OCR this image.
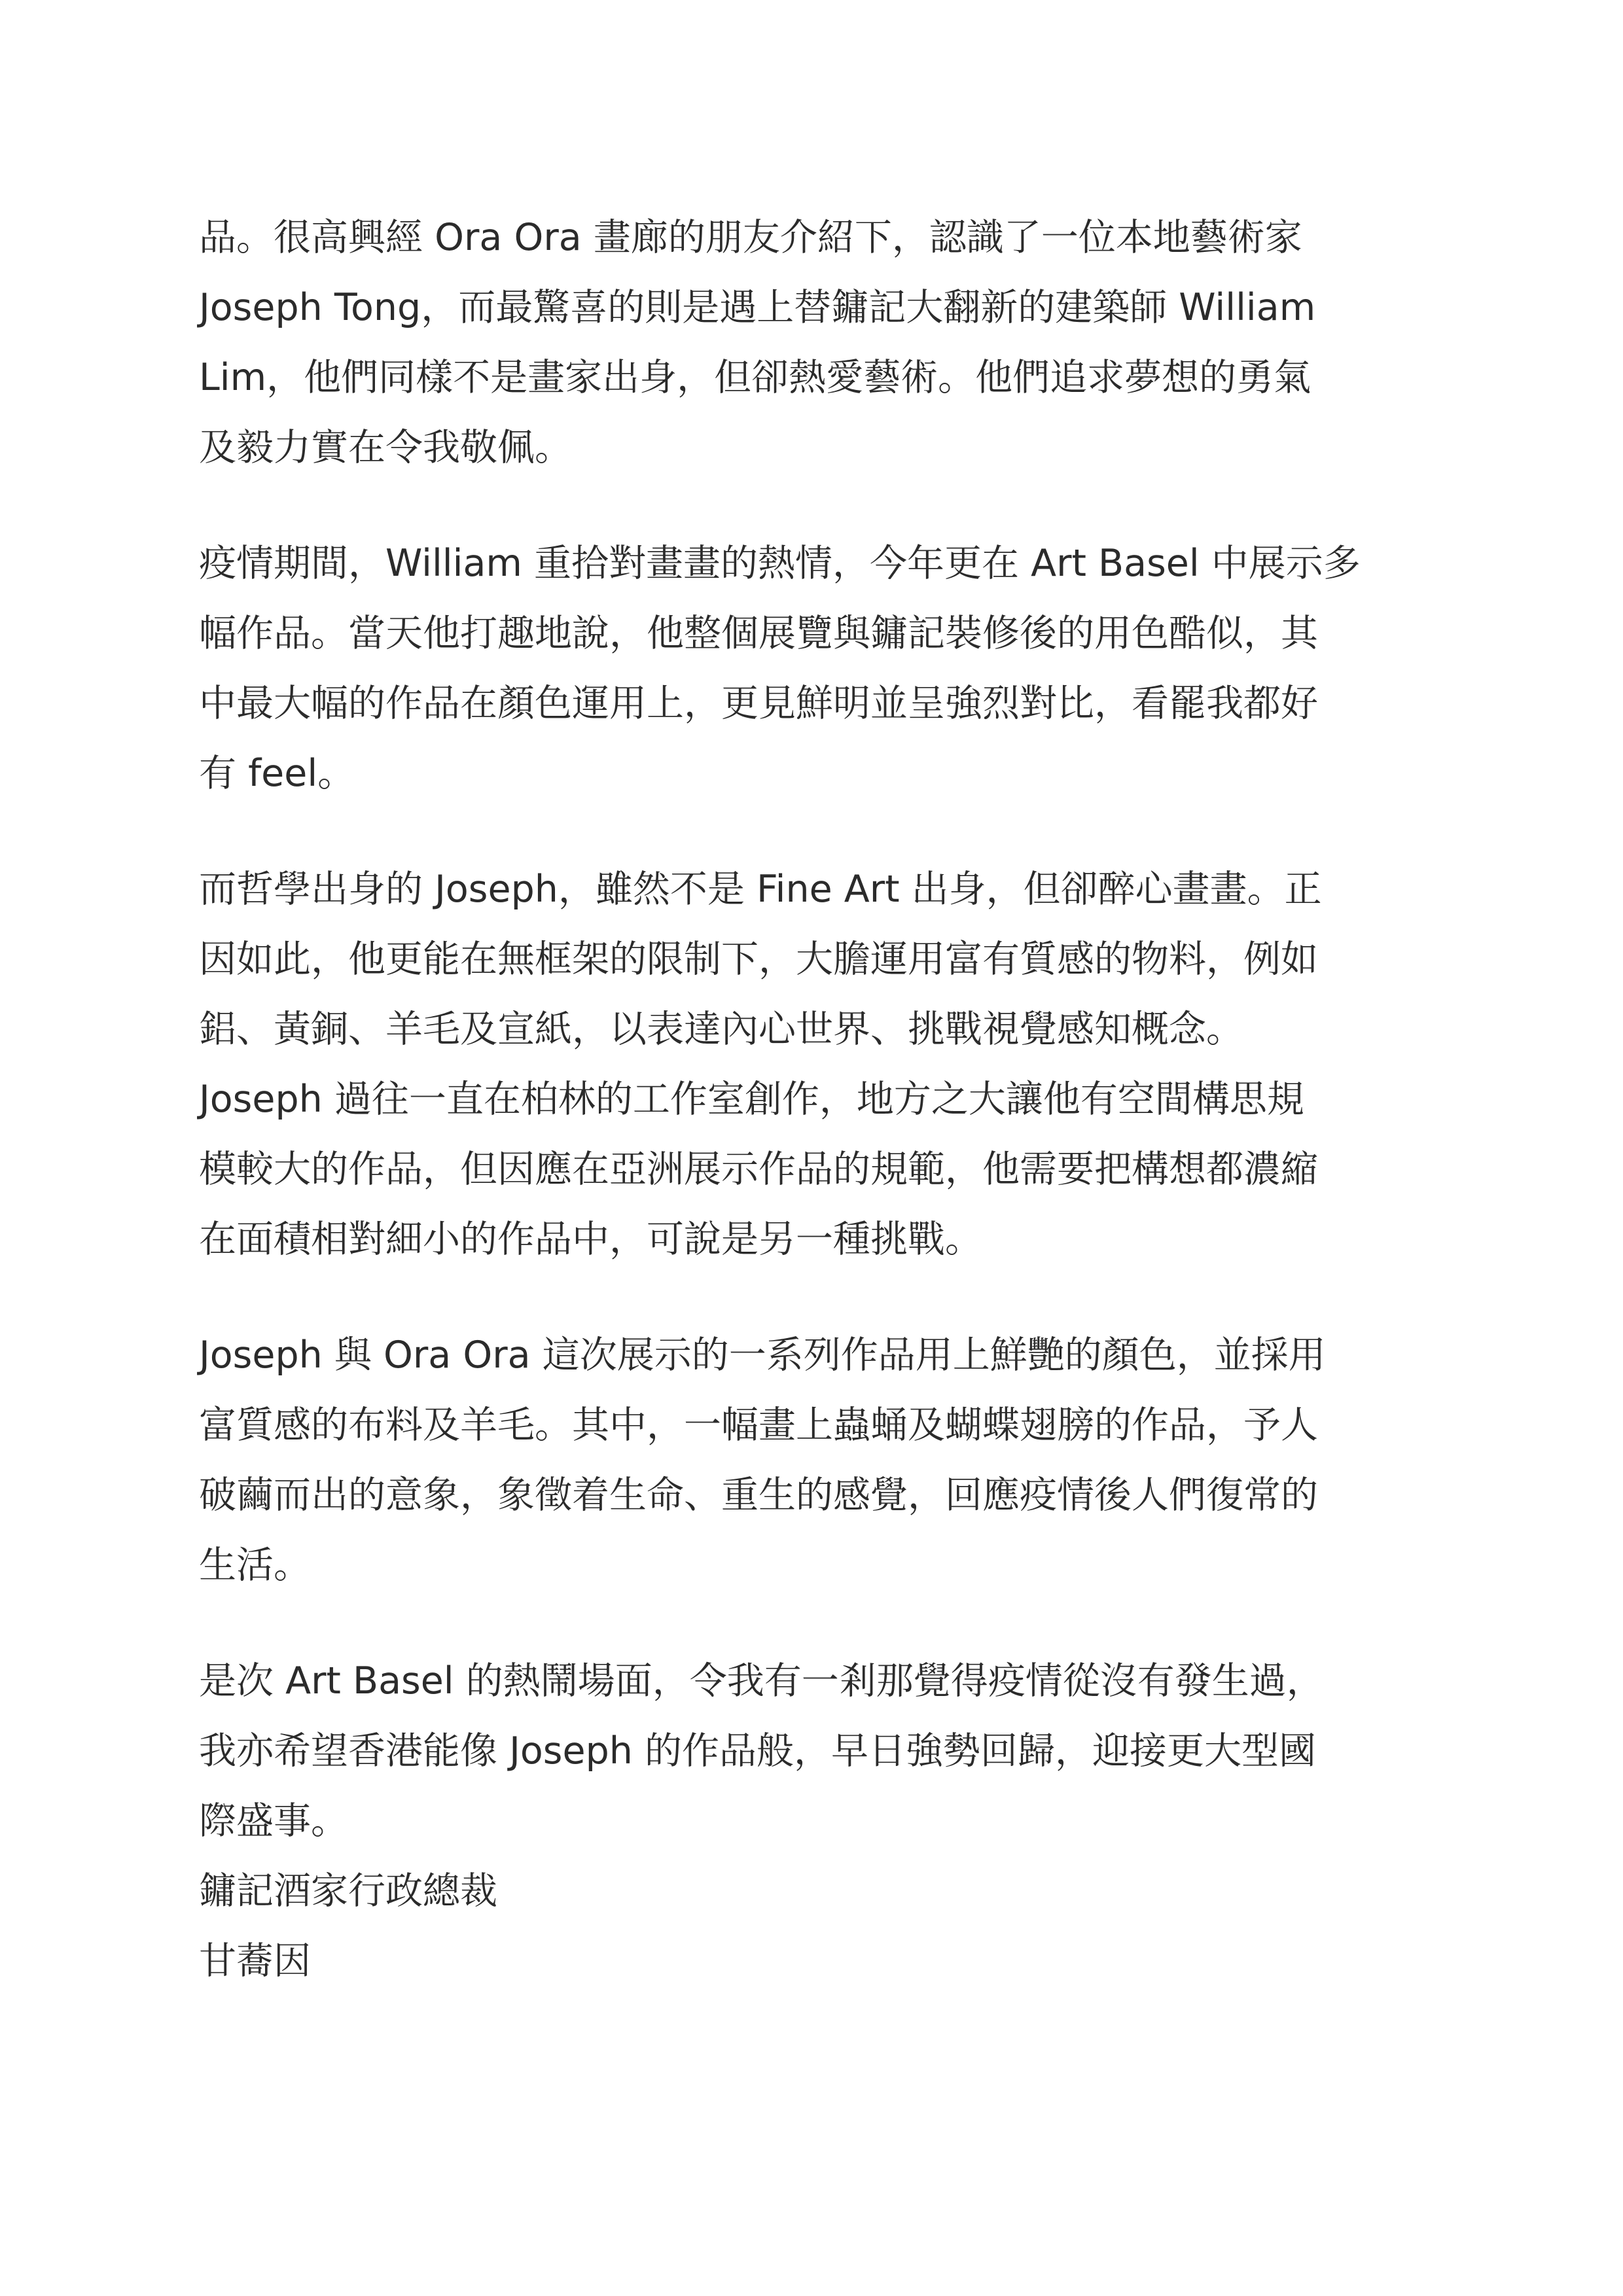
品。很高興經 Ora Ora 畫廊的朋友介紹下，認識了一位本地藝術家
Joseph Tong，而最驚喜的則是遇上替鏞記大翻新的建築師 William
Lim，他們同樣不是畫家出身，但卻熱愛藝術。他們追求夢想的勇氣
及毅力實在令我敬佩。

疫情期間，William 重拾對畫畫的熱情，今年更在 Art Basel 中展示多
幅作品。當天他打趣地說，他整個展覽與鏞記裝修後的用色酷似，其
中最大幅的作品在顏色運用上，更見鮮明並呈強烈對比，看罷我都好
有 feel。

而哲學出身的 Joseph，雖然不是 Fine Art 出身，但卻醉心畫畫。正
因如此，他更能在無框架的限制下，大膽運用富有質感的物料，例如
鋁、黃銅、羊毛及宣紙，以表達內心世界、挑戰視覺感知概念。
Joseph 過往一直在柏林的工作室創作，地方之大讓他有空間構思規
模較大的作品，但因應在亞洲展示作品的規範，他需要把構想都濃縮
在面積相對細小的作品中，可說是另一種挑戰。

Joseph 與 Ora Ora 這次展示的一系列作品用上鮮艷的顏色，並採用
富質感的布料及羊毛。其中，一幅畫上蟲蛹及蝴蝶翅膀的作品，予人
破繭而出的意象，象徵着生命、重生的感覺，回應疫情後人們復常的
生活。

是次 Art Basel 的熱鬧場面，令我有一剎那覺得疫情從沒有發生過，
我亦希望香港能像 Joseph 的作品般，早日強勢回歸，迎接更大型國
際盛事。
鏞記酒家行政總裁
甘蕎因
